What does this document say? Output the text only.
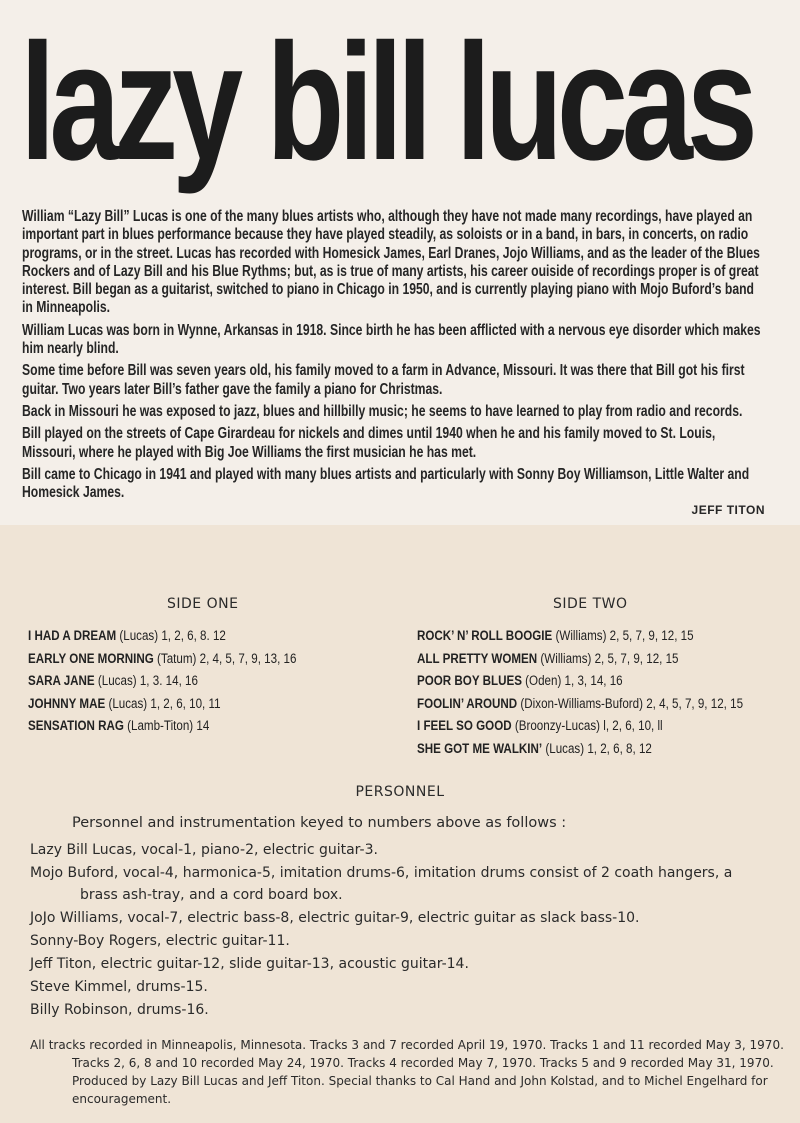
lazy bill lucas

William “Lazy Bill” Lucas is one of the many blues artists who, although they have not made many recordings, have played an important part in blues performance because they have played steadily, as soloists or in a band, in bars, in concerts, on radio programs, or in the street. Lucas has recorded with Homesick James, Earl Dranes, Jojo Williams, and as the leader of the Blues Rockers and of Lazy Bill and his Blue Rythms; but, as is true of many artists, his career ouiside of recordings proper is of great interest. Bill began as a guitarist, switched to piano in Chicago in 1950, and is currently playing piano with Mojo Buford’s band in Minneapolis.

William Lucas was born in Wynne, Arkansas in 1918. Since birth he has been afflicted with a nervous eye disorder which makes him nearly blind.

Some time before Bill was seven years old, his family moved to a farm in Advance, Missouri. It was there that Bill got his first guitar. Two years later Bill’s father gave the family a piano for Christmas.

Back in Missouri he was exposed to jazz, blues and hillbilly music; he seems to have learned to play from radio and records.

Bill played on the streets of Cape Girardeau for nickels and dimes until 1940 when he and his family moved to St. Louis, Missouri, where he played with Big Joe Williams the first musician he has met.

Bill came to Chicago in 1941 and played with many blues artists and particularly with Sonny Boy Williamson, Little Walter and Homesick James.

JEFF TITON
SIDE ONE	SIDE TWO
I HAD A DREAM (Lucas) 1, 2, 6, 8. 12
EARLY ONE MORNING (Tatum) 2, 4, 5, 7, 9, 13, 16
SARA JANE (Lucas) 1, 3. 14, 16
JOHNNY MAE (Lucas) 1, 2, 6, 10, 11
SENSATION RAG (Lamb-Titon) 14
ROCK’ N’ ROLL BOOGIE (Williams) 2, 5, 7, 9, 12, 15
ALL PRETTY WOMEN (Williams) 2, 5, 7, 9, 12, 15
POOR BOY BLUES (Oden) 1, 3, 14, 16
FOOLIN’ AROUND (Dixon-Williams-Buford) 2, 4, 5, 7, 9, 12, 15
I FEEL SO GOOD (Broonzy-Lucas) l, 2, 6, 10, ll
SHE GOT ME WALKIN’ (Lucas) 1, 2, 6, 8, 12
PERSONNEL
Personnel and instrumentation keyed to numbers above as follows :
Lazy Bill Lucas, vocal-1, piano-2, electric guitar-3.
Mojo Buford, vocal-4, harmonica-5, imitation drums-6, imitation drums consist of 2 coath hangers, a brass ash-tray, and a cord board box.
JoJo Williams, vocal-7, electric bass-8, electric guitar-9, electric guitar as slack bass-10.
Sonny-Boy Rogers, electric guitar-11.
Jeff Titon, electric guitar-12, slide guitar-13, acoustic guitar-14.
Steve Kimmel, drums-15.
Billy Robinson, drums-16.

All tracks recorded in Minneapolis, Minnesota. Tracks 3 and 7 recorded April 19, 1970. Tracks 1 and 11 recorded May 3, 1970. Tracks 2, 6, 8 and 10 recorded May 24, 1970. Tracks 4 recorded May 7, 1970. Tracks 5 and 9 recorded May 31, 1970. Produced by Lazy Bill Lucas and Jeff Titon. Special thanks to Cal Hand and John Kolstad, and to Michel Engelhard for encouragement.
